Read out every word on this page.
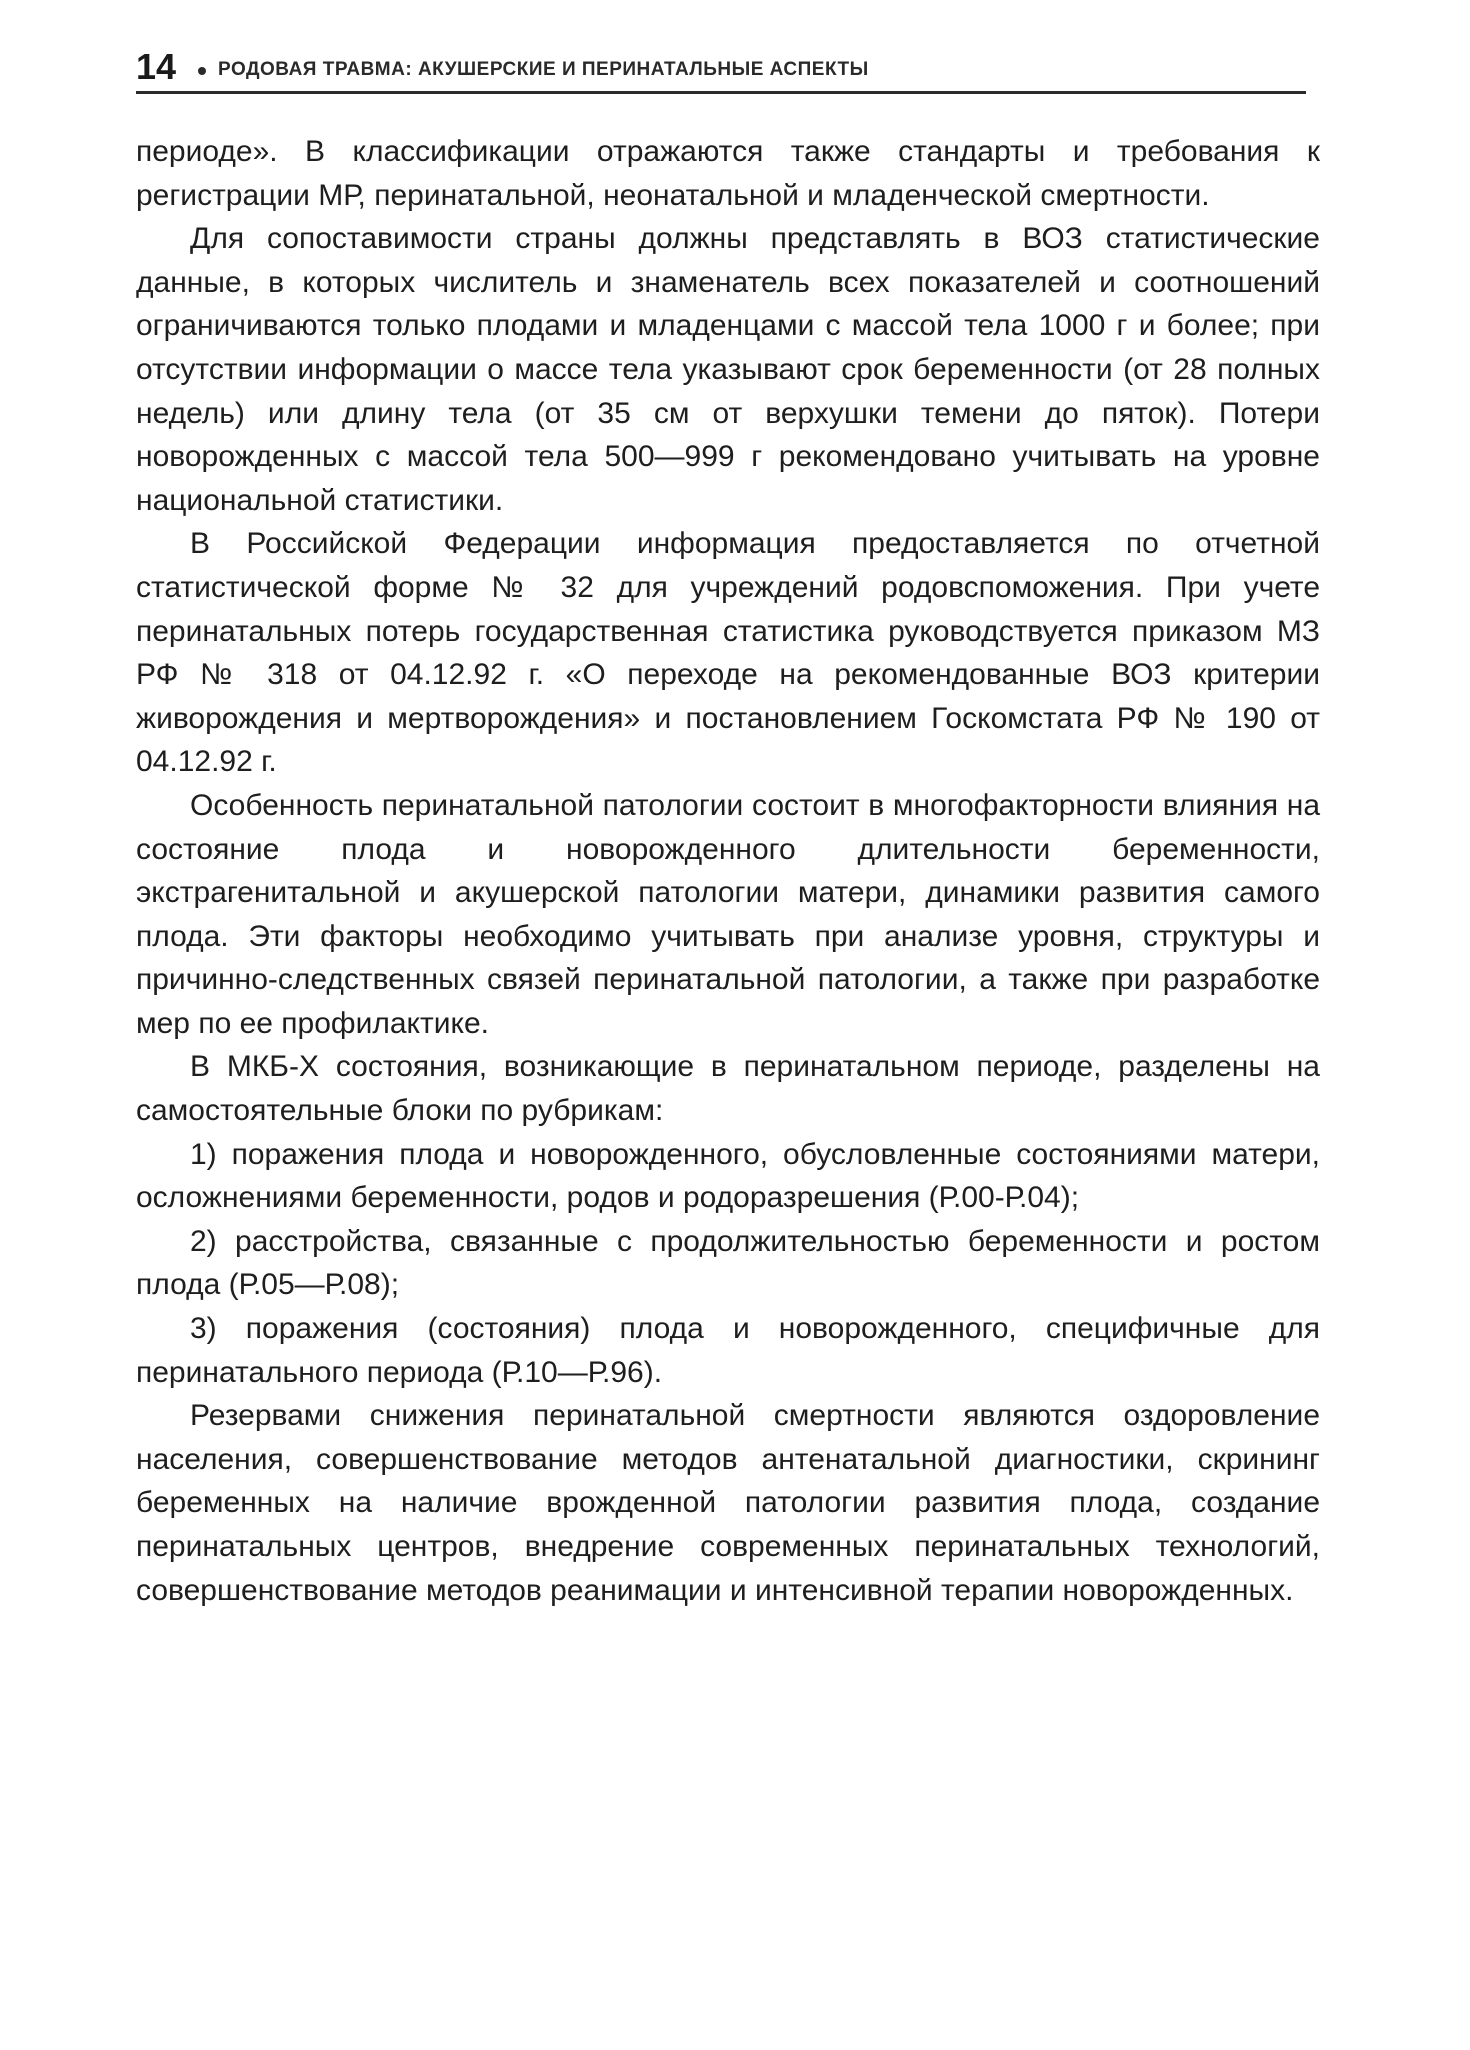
14 РОДОВАЯ ТРАВМА: АКУШЕРСКИЕ И ПЕРИНАТАЛЬНЫЕ АСПЕКТЫ

периоде». В классификации отражаются также стандарты и требования к регистрации МР, перинатальной, неонатальной и младенческой смертности.

Для сопоставимости страны должны представлять в ВОЗ статистические данные, в которых числитель и знаменатель всех показателей и соотношений ограничиваются только плодами и младенцами с массой тела 1000 г и более; при отсутствии информации о массе тела указывают срок беременности (от 28 полных недель) или длину тела (от 35 см от верхушки темени до пяток). Потери новорожденных с массой тела 500—999 г рекомендовано учитывать на уровне национальной статистики.

В Российской Федерации информация предоставляется по отчетной статистической форме № 32 для учреждений родовспоможения. При учете перинатальных потерь государственная статистика руководствуется приказом МЗ РФ № 318 от 04.12.92 г. «О переходе на рекомендованные ВОЗ критерии живорождения и мертворождения» и постановлением Госкомстата РФ № 190 от 04.12.92 г.

Особенность перинатальной патологии состоит в многофакторности влияния на состояние плода и новорожденного длительности беременности, экстрагенитальной и акушерской патологии матери, динамики развития самого плода. Эти факторы необходимо учитывать при анализе уровня, структуры и причинно-следственных связей перинатальной патологии, а также при разработке мер по ее профилактике.

В МКБ-Х состояния, возникающие в перинатальном периоде, разделены на самостоятельные блоки по рубрикам:

1) поражения плода и новорожденного, обусловленные состояниями матери, осложнениями беременности, родов и родоразрешения (Р.00-Р.04);

2) расстройства, связанные с продолжительностью беременности и ростом плода (Р.05—Р.08);

3) поражения (состояния) плода и новорожденного, специфичные для перинатального периода (Р.10—Р.96).

Резервами снижения перинатальной смертности являются оздоровление населения, совершенствование методов антенатальной диагностики, скрининг беременных на наличие врожденной патологии развития плода, создание перинатальных центров, внедрение современных перинатальных технологий, совершенствование методов реанимации и интенсивной терапии новорожденных.
